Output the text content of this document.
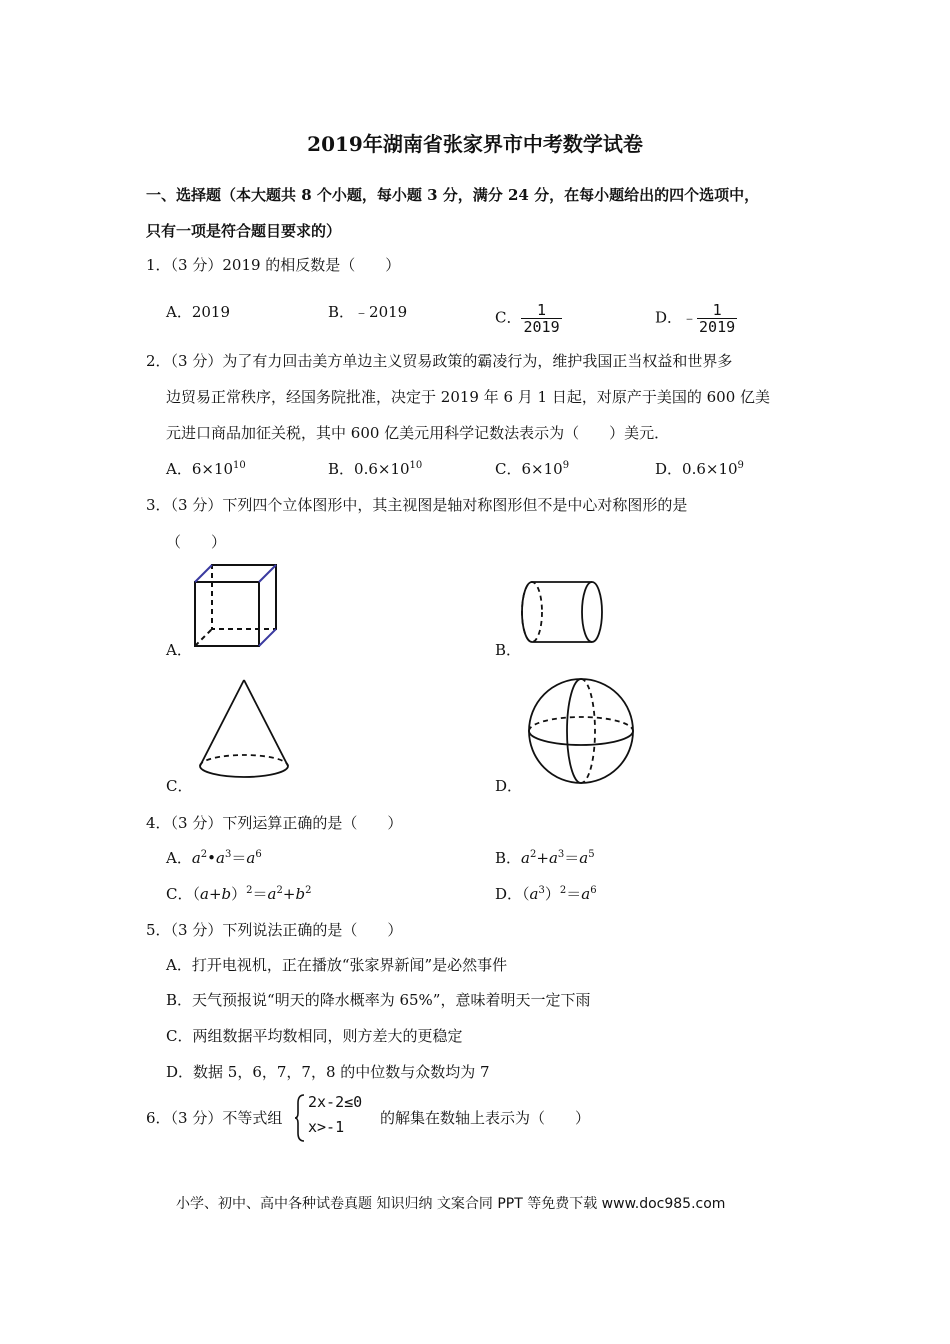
2019年湖南省张家界市中考数学试卷
一、选择题（本大题共 8 个小题，每小题 3 分，满分 24 分，在每小题给出的四个选项中，
只有一项是符合题目要求的）
1．（3 分）2019 的相反数是（　　）
A．2019	B．﹣2019	C． $\frac{1}{2019}$	D．﹣ $\frac{1}{2019}$
2．（3 分）为了有力回击美方单边主义贸易政策的霸凌行为，维护我国正当权益和世界多
边贸易正常秩序，经国务院批准，决定于 2019 年 6 月 1 日起，对原产于美国的 600 亿美
元进口商品加征关税，其中 600 亿美元用科学记数法表示为（　　）美元．
A．$6\times 10^{10}$	B．$0.6\times 10^{10}$	C．$6\times 10^9$	D．$0.6\times 10^9$
3．（3 分）下列四个立体图形中，其主视图是轴对称图形但不是中心对称图形的是
（　　）
A．	B．
C．	D．
4．（3 分）下列运算正确的是（　　）
A．$a^2•a^3=a^6$	B．$a^2+a^3=a^5$
C．$(a+b)^2=a^2+b^2$	D．$(a^3)^2=a^6$
5．（3 分）下列说法正确的是（　　）
A．打开电视机，正在播放“张家界新闻”是必然事件
B．天气预报说“明天的降水概率为 65%”，意味着明天一定下雨
C．两组数据平均数相同，则方差大的更稳定
D．数据 5，6，7，7，8 的中位数与众数均为 7
6．（3 分）不等式组
2x-2≤0
x>-1 的解集在数轴上表示为（　　）
小学、初中、高中各种试卷真题 知识归纳 文案合同 PPT 等免费下载 www.doc985.com
